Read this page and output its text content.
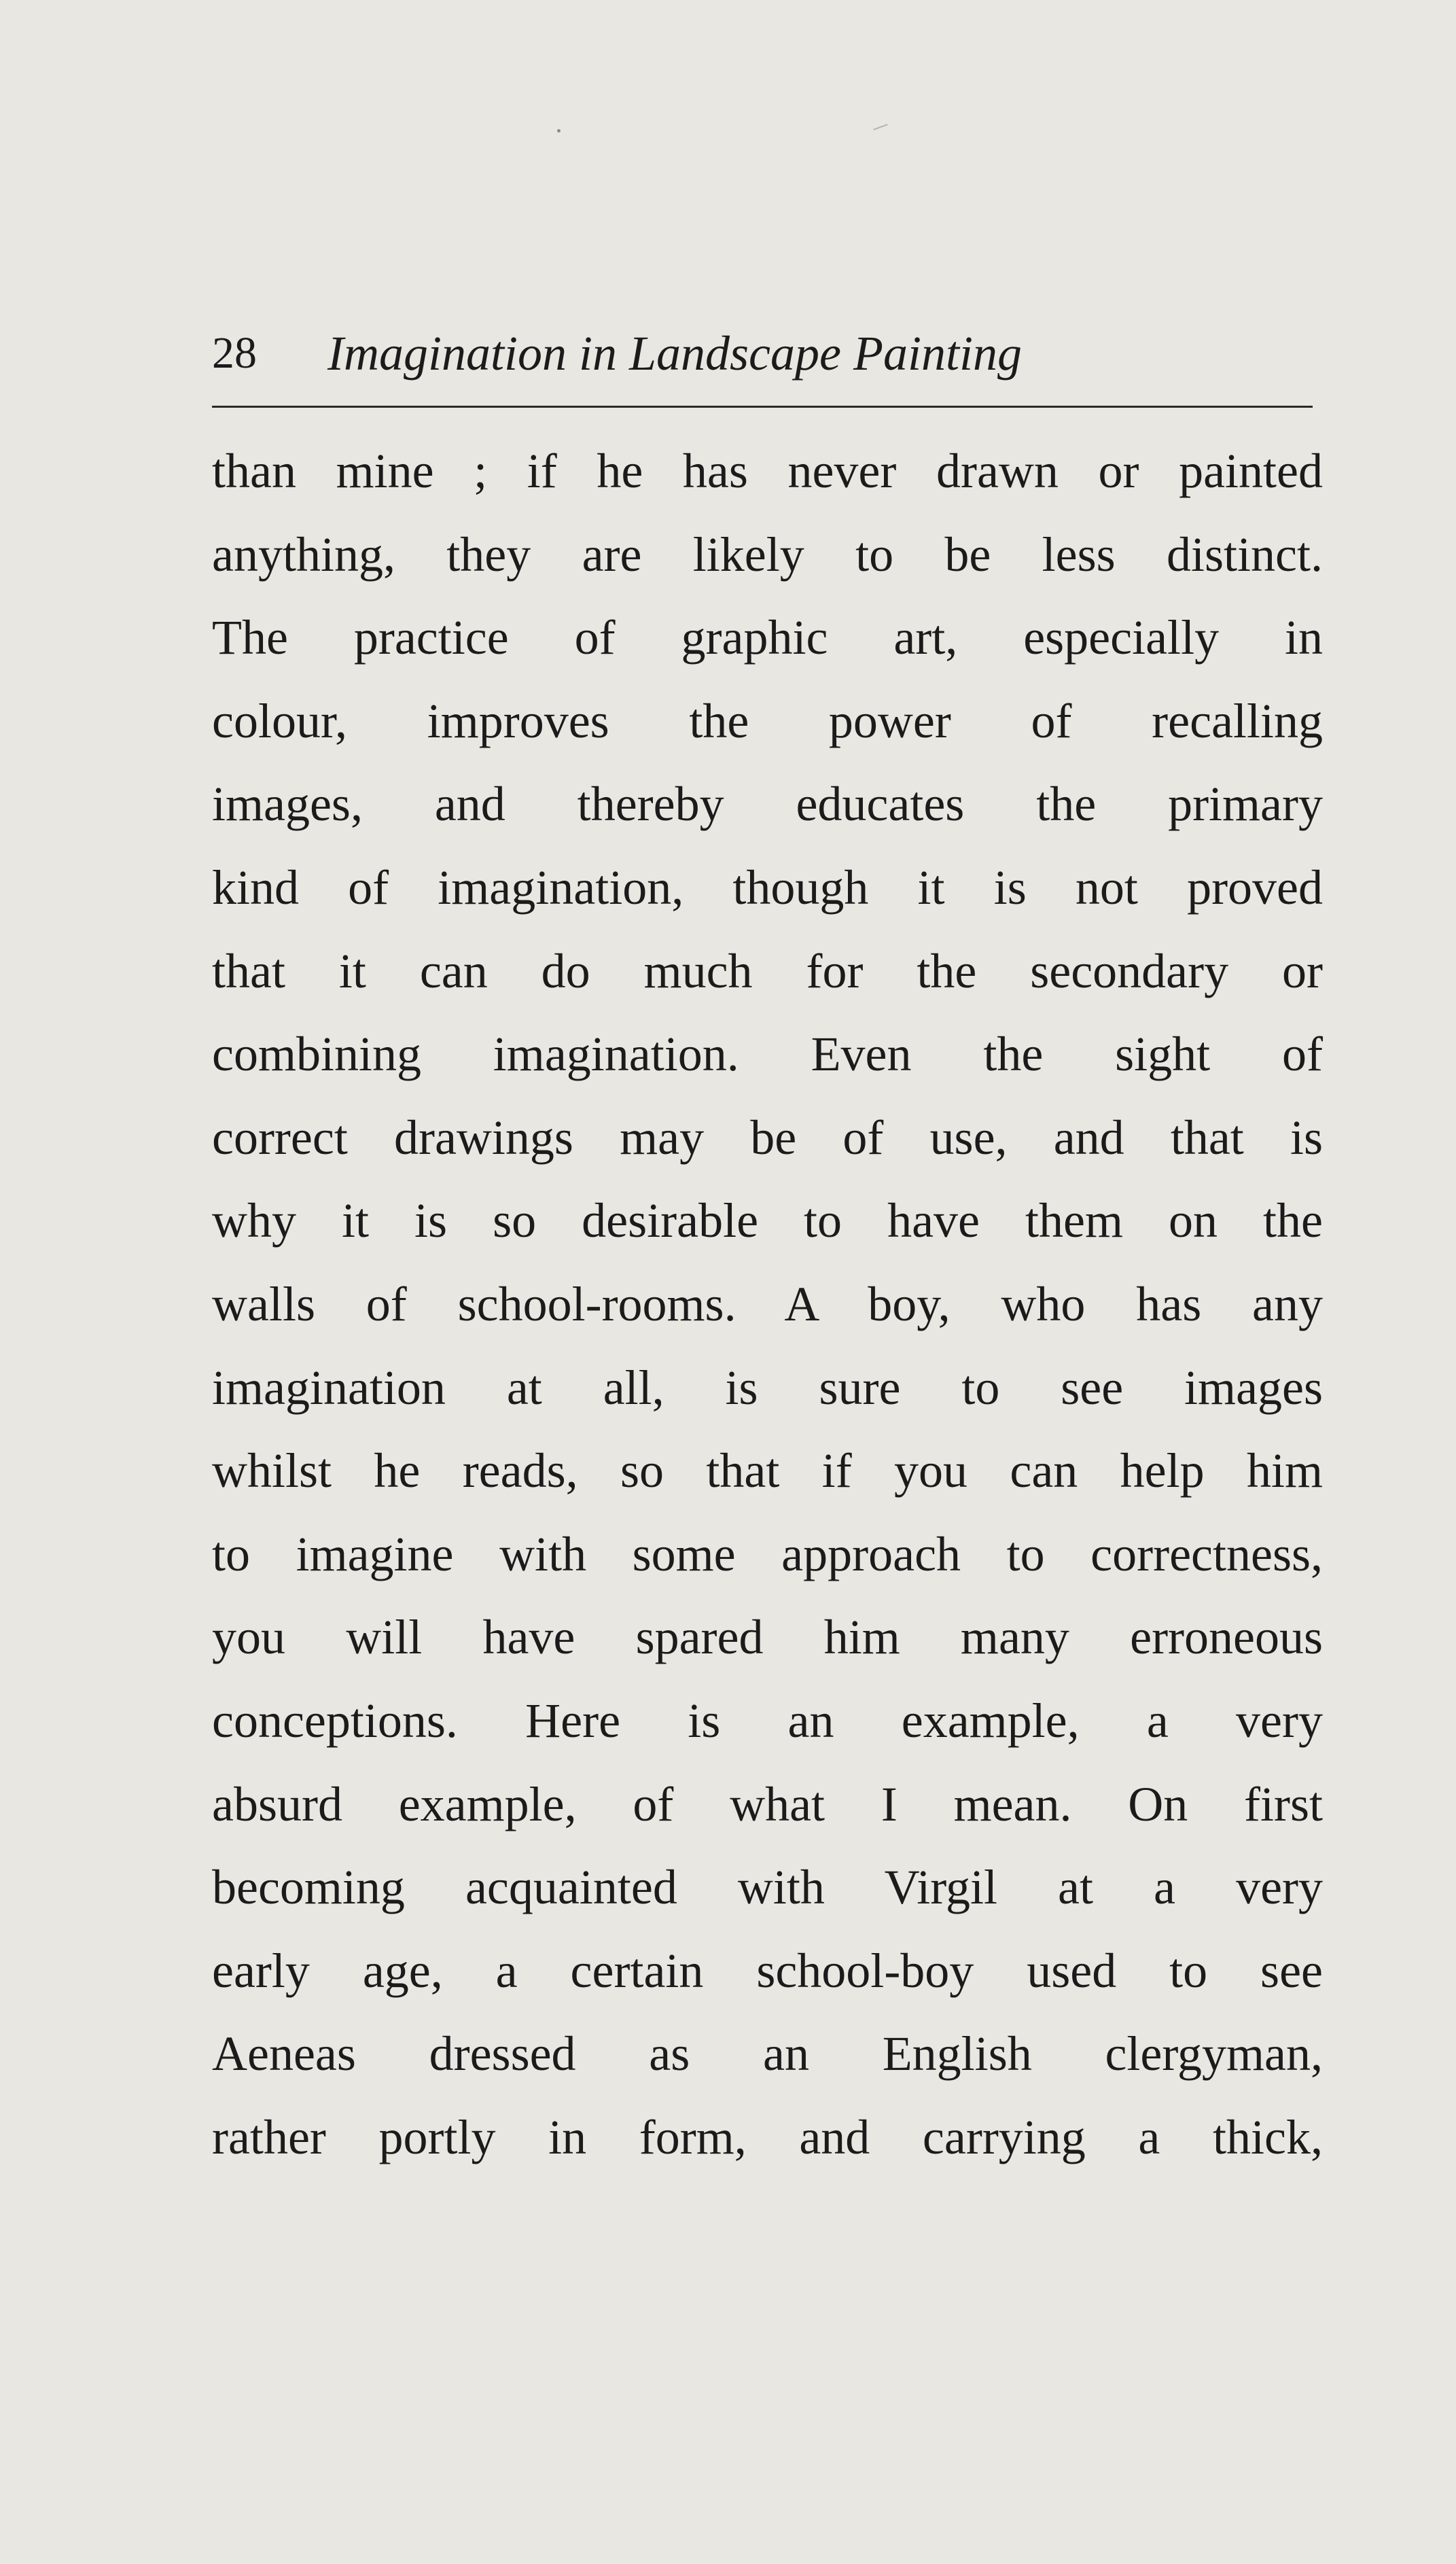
28 Imagination in Landscape Painting
than mine ; if he has never drawn or painted
anything, they are likely to be less distinct.
The practice of graphic art, especially in
colour, improves the power of recalling
images, and thereby educates the primary
kind of imagination, though it is not proved
that it can do much for the secondary or
combining imagination. Even the sight of
correct drawings may be of use, and that is
why it is so desirable to have them on the
walls of school-rooms. A boy, who has any
imagination at all, is sure to see images
whilst he reads, so that if you can help him
to imagine with some approach to correctness,
you will have spared him many erroneous
conceptions. Here is an example, a very
absurd example, of what I mean. On first
becoming acquainted with Virgil at a very
early age, a certain school-boy used to see
Aeneas dressed as an English clergyman,
rather portly in form, and carrying a thick,
